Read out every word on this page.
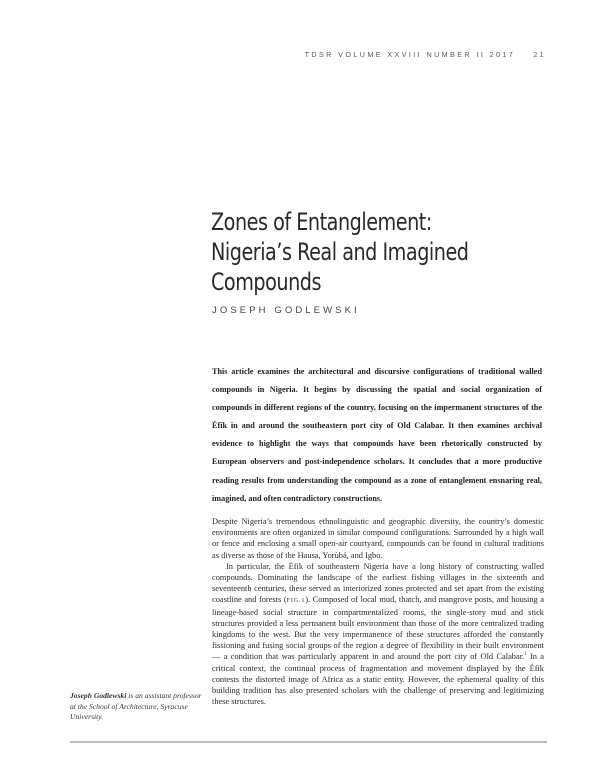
TDSR VOLUME XXVIII NUMBER II 2017	21
Zones of Entanglement: Nigeria’s Real and Imagined Compounds
JOSEPH GODLEWSKI

This article examines the architectural and discursive configurations of traditional walled compounds in Nigeria. It begins by discussing the spatial and social organization of compounds in different regions of the country, focusing on the impermanent structures of the Éfik in and around the southeastern port city of Old Calabar. It then examines archival evidence to highlight the ways that compounds have been rhetorically constructed by European observers and post-independence scholars. It concludes that a more productive reading results from understanding the compound as a zone of entanglement ensnaring real, imagined, and often contradictory constructions.

Despite Nigeria’s tremendous ethnolinguistic and geographic diversity, the country’s domestic environments are often organized in similar compound configurations. Surrounded by a high wall or fence and enclosing a small open-air courtyard, compounds can be found in cultural traditions as diverse as those of the Hausa, Yorùbá, and Igbo.

In particular, the Éfik of southeastern Nigeria have a long history of constructing walled compounds. Dominating the landscape of the earliest fishing villages in the sixteenth and seventeenth centuries, these served as interiorized zones protected and set apart from the existing coastline and forests (FIG.1). Composed of local mud, thatch, and mangrove posts, and housing a lineage-based social structure in compartmentalized rooms, the single-story mud and stick structures provided a less permanent built environment than those of the more centralized trading kingdoms to the west. But the very impermanence of these structures afforded the constantly fissioning and fusing social groups of the region a degree of flexibility in their built environment — a condition that was particularly apparent in and around the port city of Old Calabar.$^1$ In a critical context, the continual process of fragmentation and movement displayed by the Éfik contests the distorted image of Africa as a static entity. However, the ephemeral quality of this building tradition has also presented scholars with the challenge of preserving and legitimizing these structures.

Joseph Godlewski is an assistant professor at the School of Architecture, Syracuse University.
